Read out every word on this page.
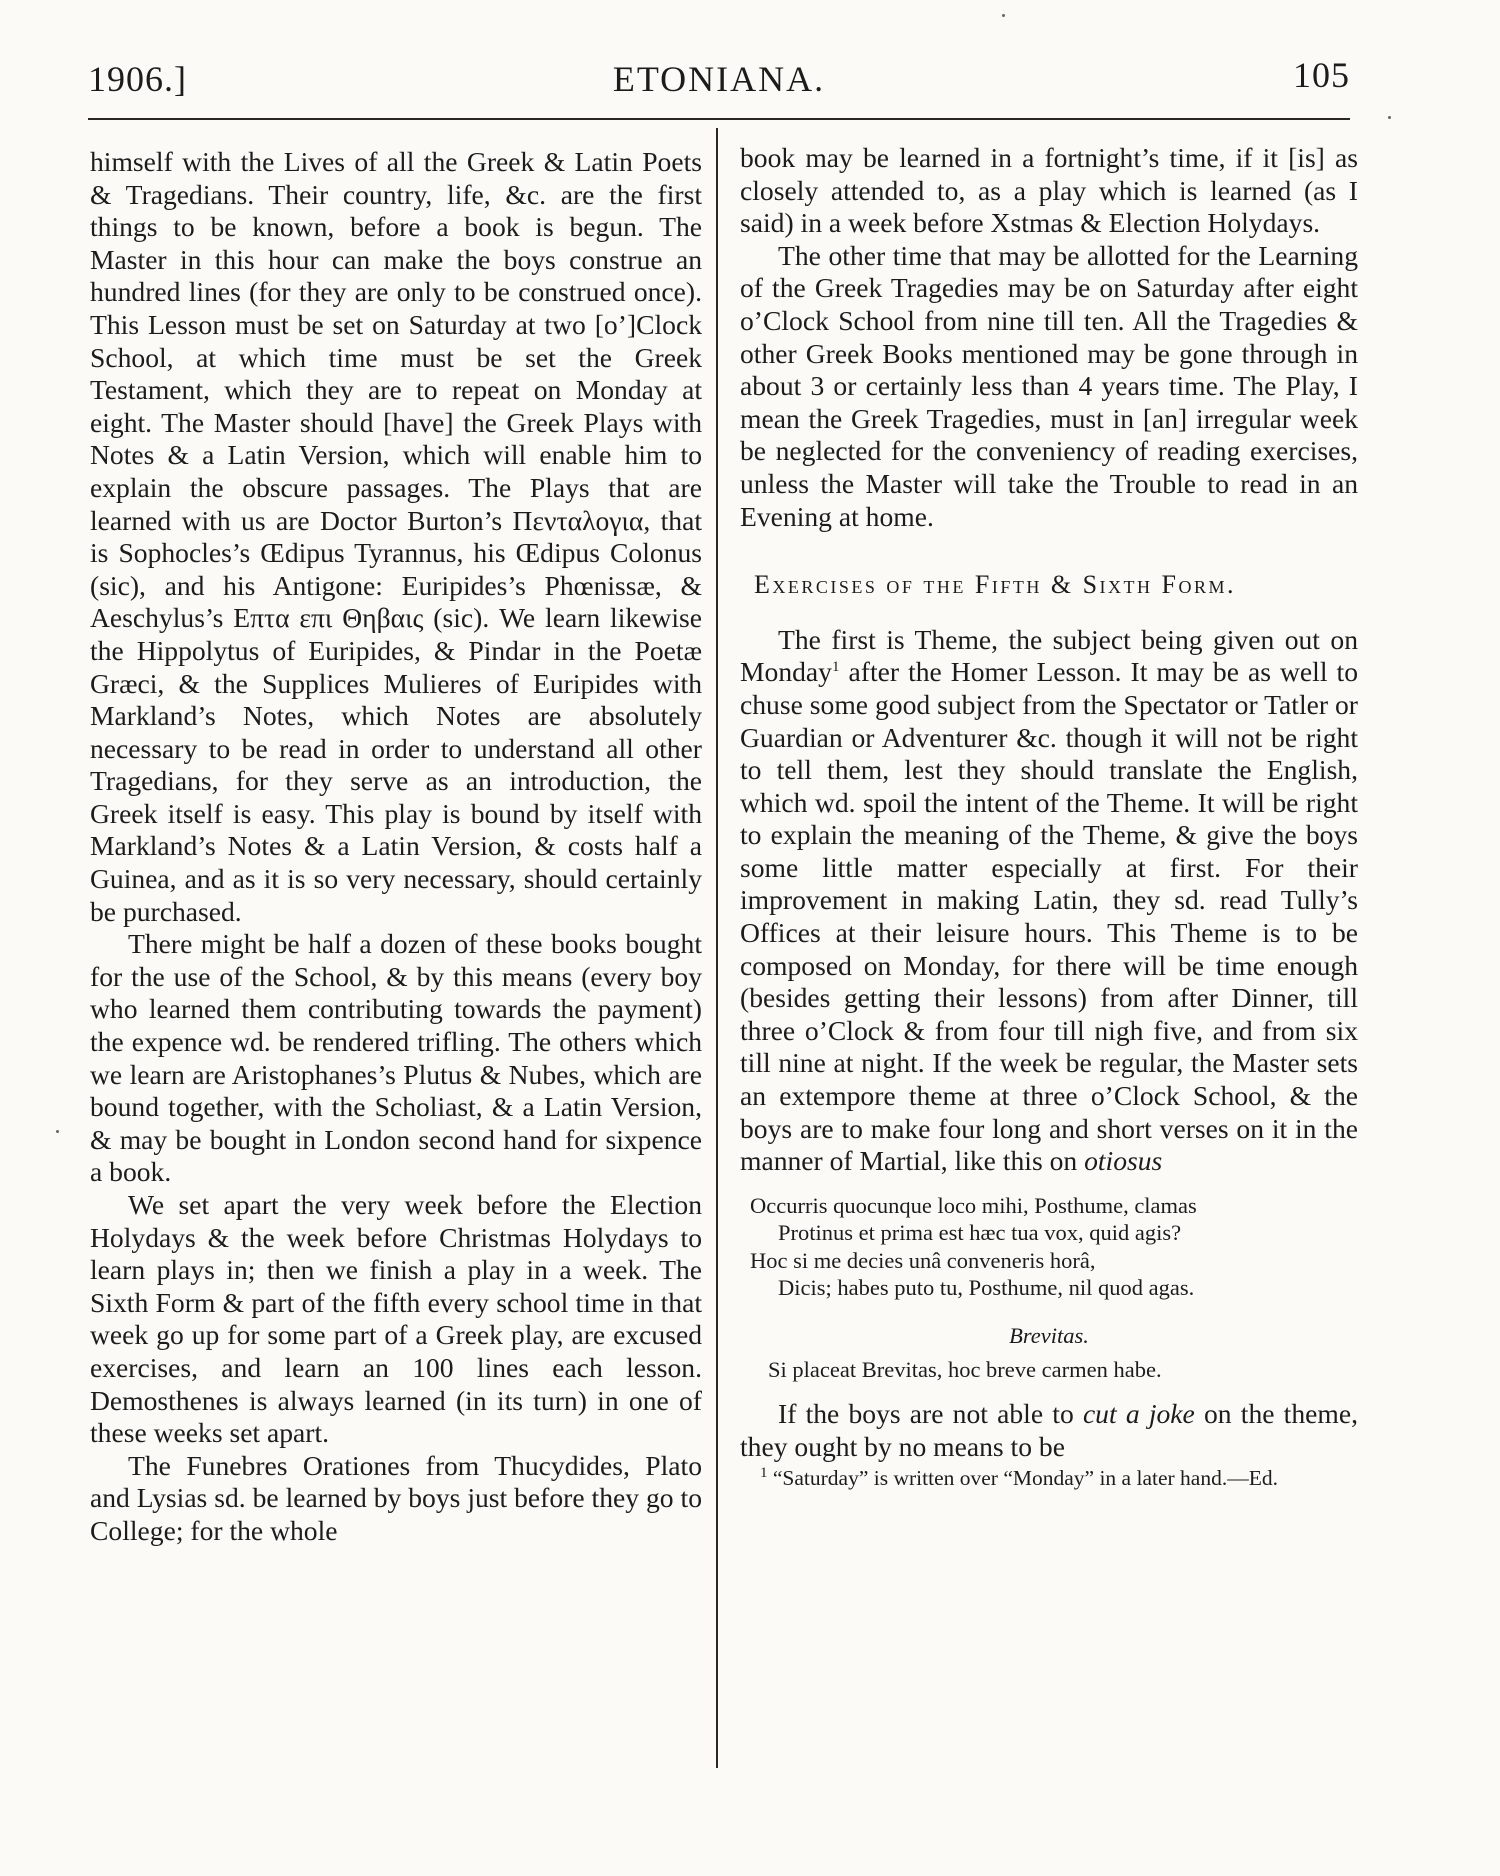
1906.]	ETONIANA.	105

himself with the Lives of all the Greek & Latin Poets & Tragedians. Their country, life, &c. are the first things to be known, before a book is begun. The Master in this hour can make the boys construe an hundred lines (for they are only to be construed once). This Lesson must be set on Saturday at two [o’]Clock School, at which time must be set the Greek Testament, which they are to repeat on Monday at eight. The Master should [have] the Greek Plays with Notes & a Latin Version, which will enable him to explain the obscure passages. The Plays that are learned with us are Doctor Burton’s Πενταλογια, that is Sophocles’s Œdipus Tyrannus, his Œdipus Colonus (sic), and his Antigone: Euripides’s Phœnissæ, & Aeschylus’s Επτα επι Θηβαις (sic). We learn likewise the Hippolytus of Euripides, & Pindar in the Poetæ Græci, & the Supplices Mulieres of Euripides with Markland’s Notes, which Notes are absolutely necessary to be read in order to understand all other Tragedians, for they serve as an introduction, the Greek itself is easy. This play is bound by itself with Markland’s Notes & a Latin Version, & costs half a Guinea, and as it is so very necessary, should certainly be purchased.

There might be half a dozen of these books bought for the use of the School, & by this means (every boy who learned them contributing towards the payment) the expence wd. be rendered trifling. The others which we learn are Aristophanes’s Plutus & Nubes, which are bound together, with the Scholiast, & a Latin Version, & may be bought in London second hand for sixpence a book.

We set apart the very week before the Election Holydays & the week before Christmas Holydays to learn plays in; then we finish a play in a week. The Sixth Form & part of the fifth every school time in that week go up for some part of a Greek play, are excused exercises, and learn an 100 lines each lesson. Demosthenes is always learned (in its turn) in one of these weeks set apart.

The Funebres Orationes from Thucydides, Plato and Lysias sd. be learned by boys just before they go to College; for the whole

book may be learned in a fortnight’s time, if it [is] as closely attended to, as a play which is learned (as I said) in a week before Xstmas & Election Holydays.

The other time that may be allotted for the Learning of the Greek Tragedies may be on Saturday after eight o’Clock School from nine till ten. All the Tragedies & other Greek Books mentioned may be gone through in about 3 or certainly less than 4 years time. The Play, I mean the Greek Tragedies, must in [an] irregular week be neglected for the conveniency of reading exercises, unless the Master will take the Trouble to read in an Evening at home.

Exercises of the Fifth & Sixth Form.

The first is Theme, the subject being given out on Monday$^1$ after the Homer Lesson. It may be as well to chuse some good subject from the Spectator or Tatler or Guardian or Adventurer &c. though it will not be right to tell them, lest they should translate the English, which wd. spoil the intent of the Theme. It will be right to explain the meaning of the Theme, & give the boys some little matter especially at first. For their improvement in making Latin, they sd. read Tully’s Offices at their leisure hours. This Theme is to be composed on Monday, for there will be time enough (besides getting their lessons) from after Dinner, till three o’Clock & from four till nigh five, and from six till nine at night. If the week be regular, the Master sets an extempore theme at three o’Clock School, & the boys are to make four long and short verses on it in the manner of Martial, like this on otiosus

Occurris quocunque loco mihi, Posthume, clamas
Protinus et prima est hæc tua vox, quid agis?
Hoc si me decies unâ conveneris horâ,
Dicis; habes puto tu, Posthume, nil quod agas.
Brevitas.
Si placeat Brevitas, hoc breve carmen habe.

If the boys are not able to cut a joke on the theme, they ought by no means to be

$^1$ “Saturday” is written over “Monday” in a later hand.—Ed.
